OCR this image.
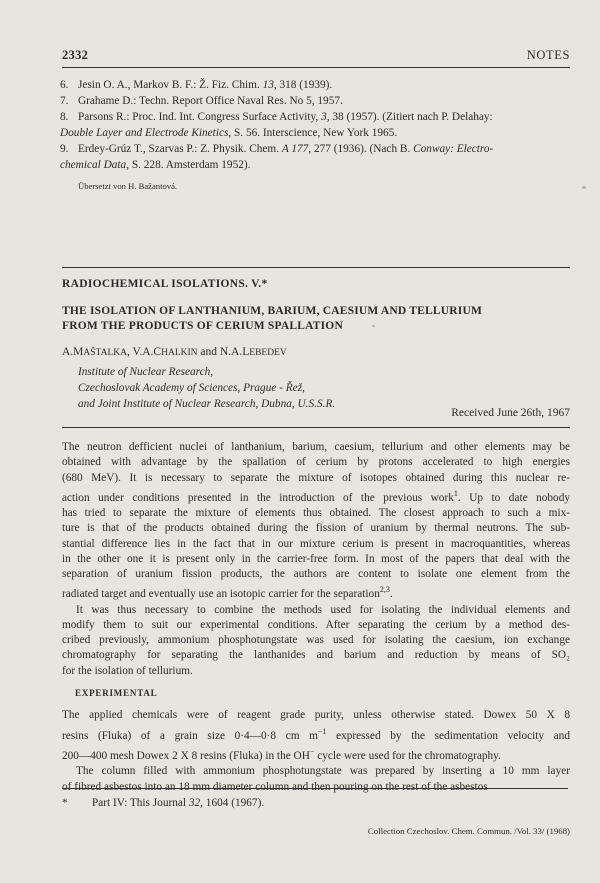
2332	NOTES
6. Jesin O. A., Markov B. F.: Ž. Fiz. Chim. 13, 318 (1939).
7. Grahame D.: Techn. Report Office Naval Res. No 5, 1957.
8. Parsons R.: Proc. Ind. Int. Congress Surface Activity, 3, 38 (1957). (Zitiert nach P. Delahay:
Double Layer and Electrode Kinetics, S. 56. Interscience, New York 1965.
9. Erdey-Grúz T., Szarvas P.: Z. Physik. Chem. A 177, 277 (1936). (Nach B. Conway: Electro-
chemical Data, S. 228. Amsterdam 1952).
Übersetzt von H. Bažantová.
RADIOCHEMICAL ISOLATIONS. V.*
THE ISOLATION OF LANTHANIUM, BARIUM, CAESIUM AND TELLURIUM
FROM THE PRODUCTS OF CERIUM SPALLATION
A.MAŠTALKA, V.A.CHALKIN and N.A.LEBEDEV
Institute of Nuclear Research,
Czechoslovak Academy of Sciences, Prague - Řež,
and Joint Institute of Nuclear Research, Dubna, U.S.S.R.
Received June 26th, 1967

The neutron defficient nuclei of lanthanium, barium, caesium, tellurium and other elements may be
obtained with advantage by the spallation of cerium by protons accelerated to high energies
(680 MeV). It is necessary to separate the mixture of isotopes obtained during this nuclear re-
action under conditions presented in the introduction of the previous work$^1$. Up to date nobody
has tried to separate the mixture of elements thus obtained. The closest approach to such a mix-
ture is that of the products obtained during the fission of uranium by thermal neutrons. The sub-
stantial difference lies in the fact that in our mixture cerium is present in macroquantities, whereas
in the other one it is present only in the carrier-free form. In most of the papers that deal with the
separation of uranium fission products, the authors are content to isolate one element from the
radiated target and eventually use an isotopic carrier for the separation$^{2,3}$.

It was thus necessary to combine the methods used for isolating the individual elements and
modify them to suit our experimental conditions. After separating the cerium by a method des-
cribed previously, ammonium phosphotungstate was used for isolating the caesium, ion exchange
chromatography for separating the lanthanides and barium and reduction by means of SO₂
for the isolation of tellurium.

EXPERIMENTAL

The applied chemicals were of reagent grade purity, unless otherwise stated. Dowex 50 X 8
resins (Fluka) of a grain size 0·4—0·8 cm $m^{-1}$ expressed by the sedimentation velocity and
200—400 mesh Dowex 2 X 8 resins (Fluka) in the OH− cycle were used for the chromatography.

The column filled with ammonium phosphotungstate was prepared by inserting a 10 mm layer
of fibred asbestos into an 18 mm diameter column and then pouring on the rest of the asbestos

*	Part IV: This Journal 32, 1604 (1967).
Collection Czechoslov. Chem. Commun. /Vol. 33/ (1968)
